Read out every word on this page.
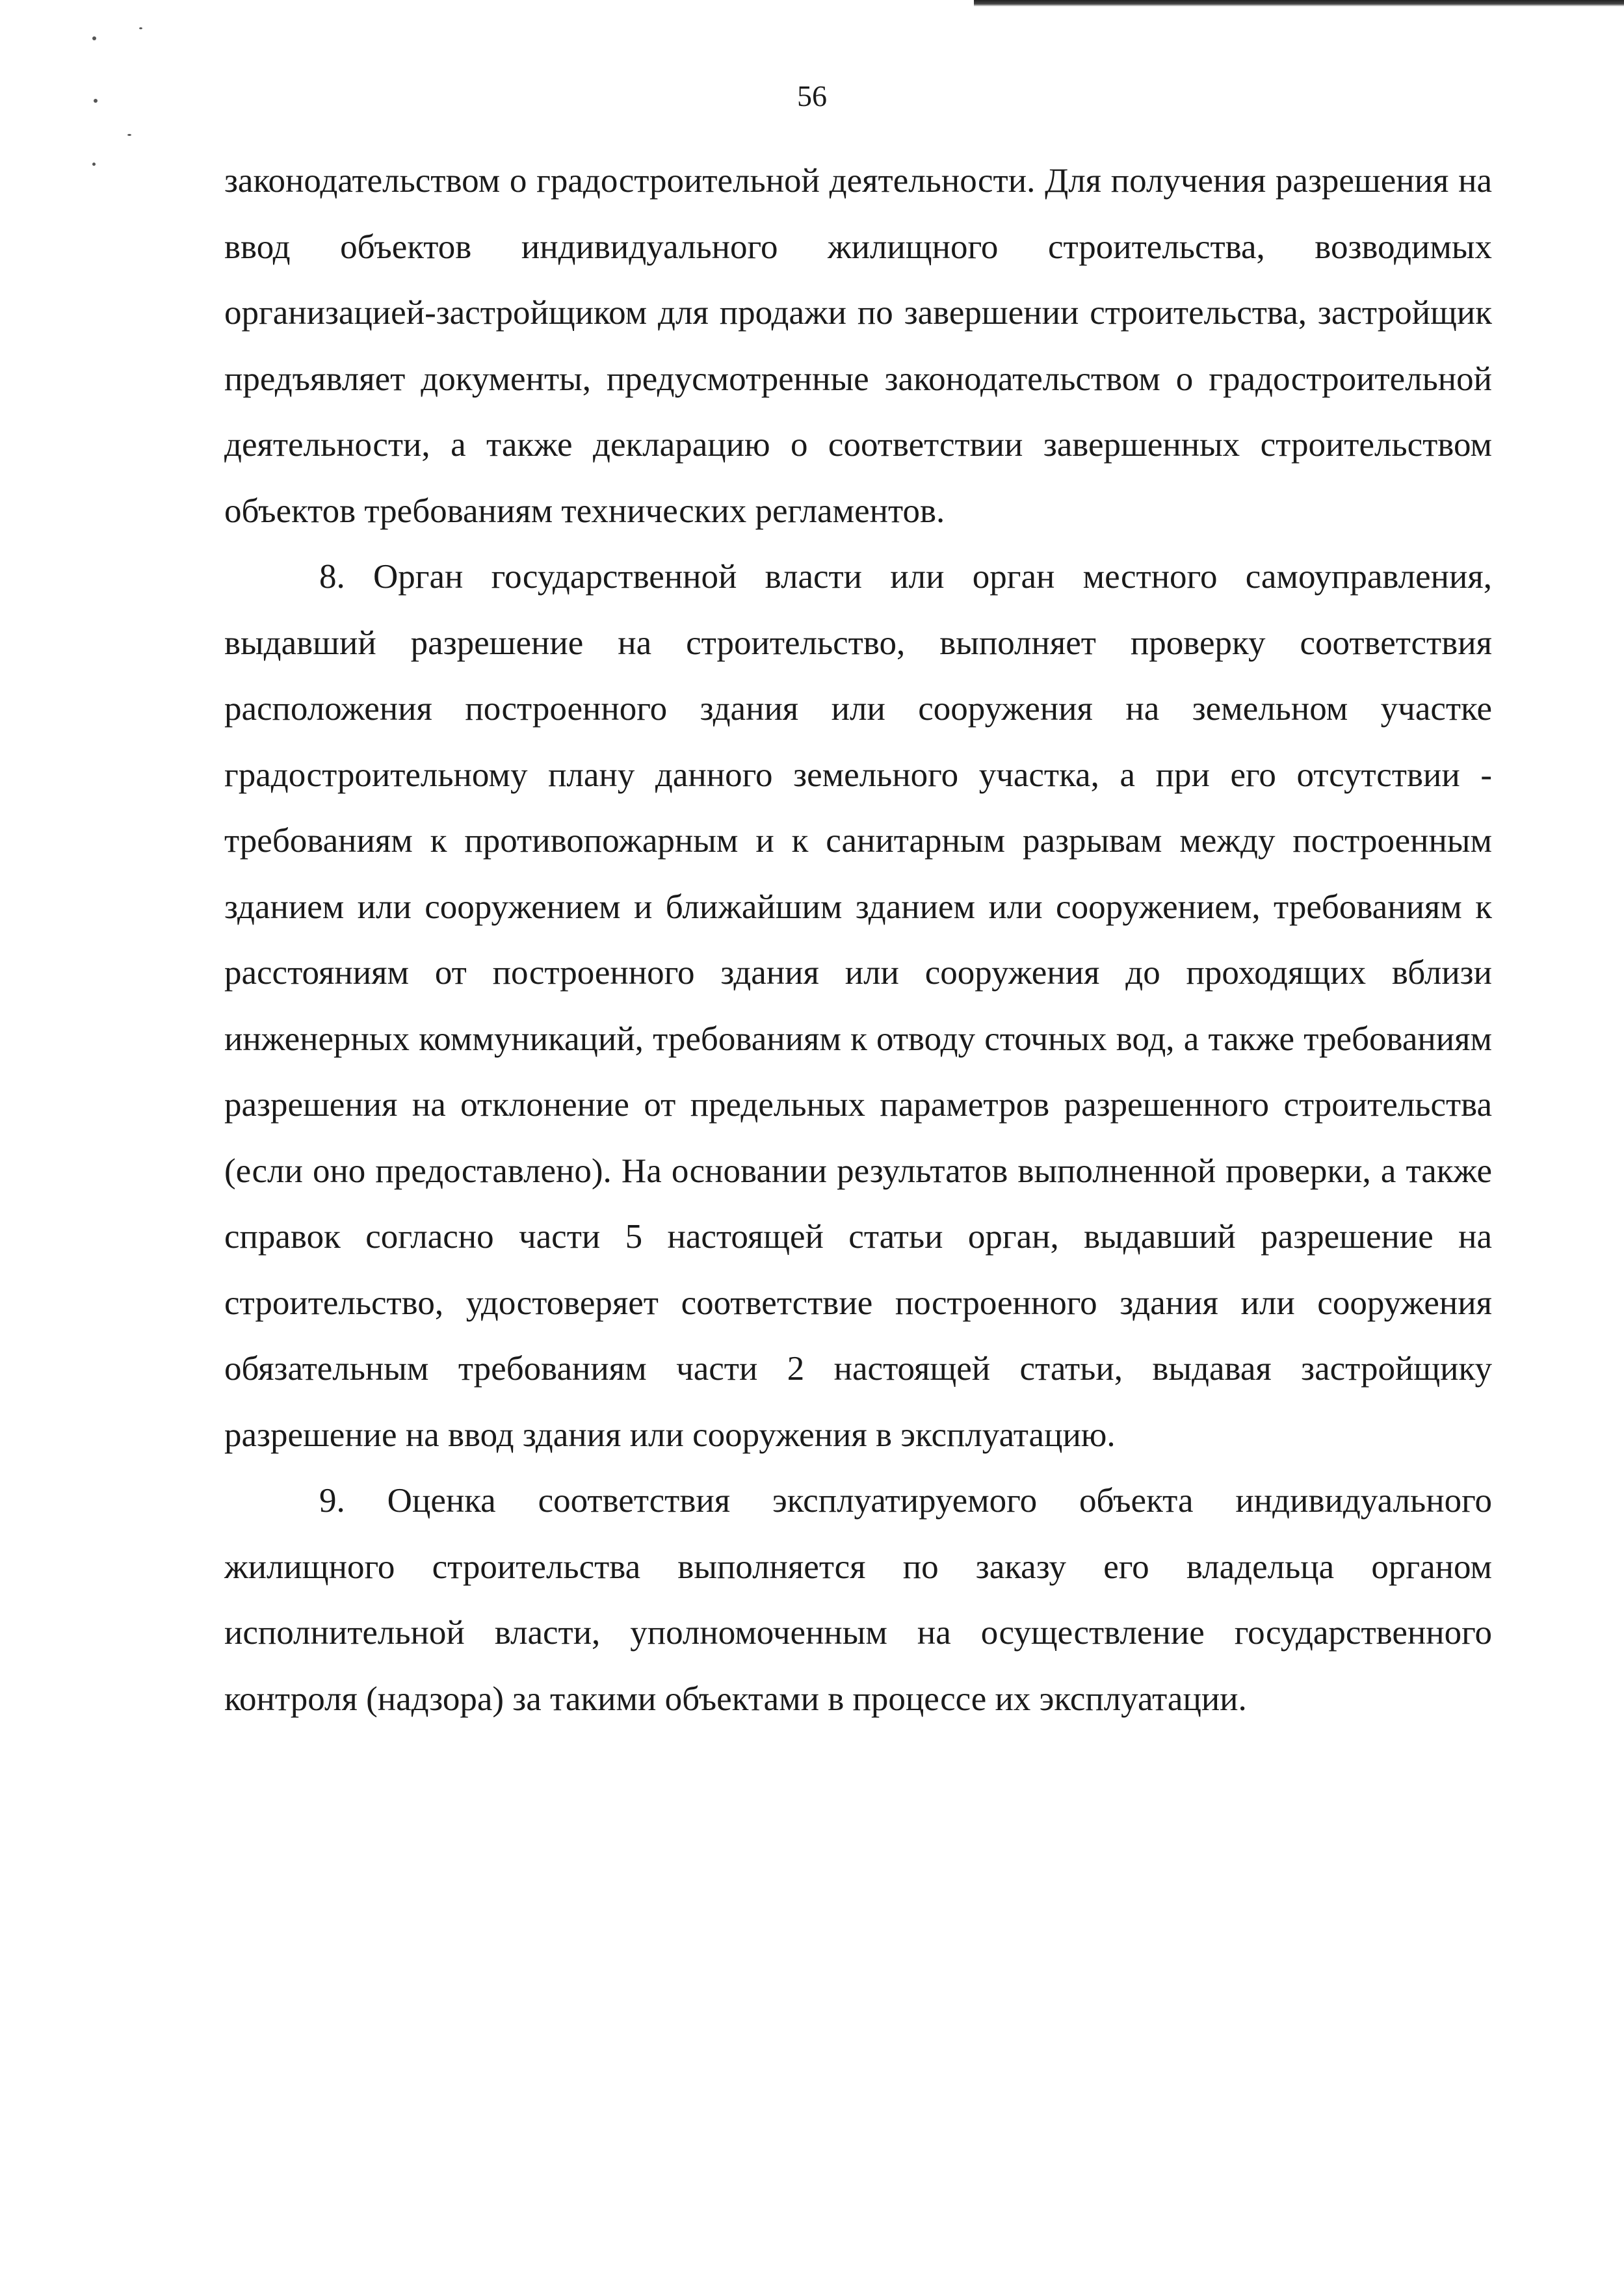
56

законодательством о градостроительной деятельности. Для получения разрешения на ввод объектов индивидуального жилищного строительства, возводимых организацией-застройщиком для продажи по завершении строительства, застройщик предъявляет документы, предусмотренные законодательством о градостроительной деятельности, а также декларацию о соответствии завершенных строительством объектов требованиям технических регламентов.

8. Орган государственной власти или орган местного самоуправления, выдавший разрешение на строительство, выполняет проверку соответствия расположения построенного здания или сооружения на земельном участке градостроительному плану данного земельного участка, а при его отсутствии - требованиям к противопожарным и к санитарным разрывам между построенным зданием или сооружением и ближайшим зданием или сооружением, требованиям к расстояниям от построенного здания или сооружения до проходящих вблизи инженерных коммуникаций, требованиям к отводу сточных вод, а также требованиям разрешения на отклонение от предельных параметров разрешенного строительства (если оно предоставлено). На основании результатов выполненной проверки, а также справок согласно части 5 настоящей статьи орган, выдавший разрешение на строительство, удостоверяет соответствие построенного здания или сооружения обязательным требованиям части 2 настоящей статьи, выдавая застройщику разрешение на ввод здания или сооружения в эксплуатацию.

9. Оценка соответствия эксплуатируемого объекта индивидуального жилищного строительства выполняется по заказу его владельца органом исполнительной власти, уполномоченным на осуществление государственного контроля (надзора) за такими объектами в процессе их эксплуатации.
